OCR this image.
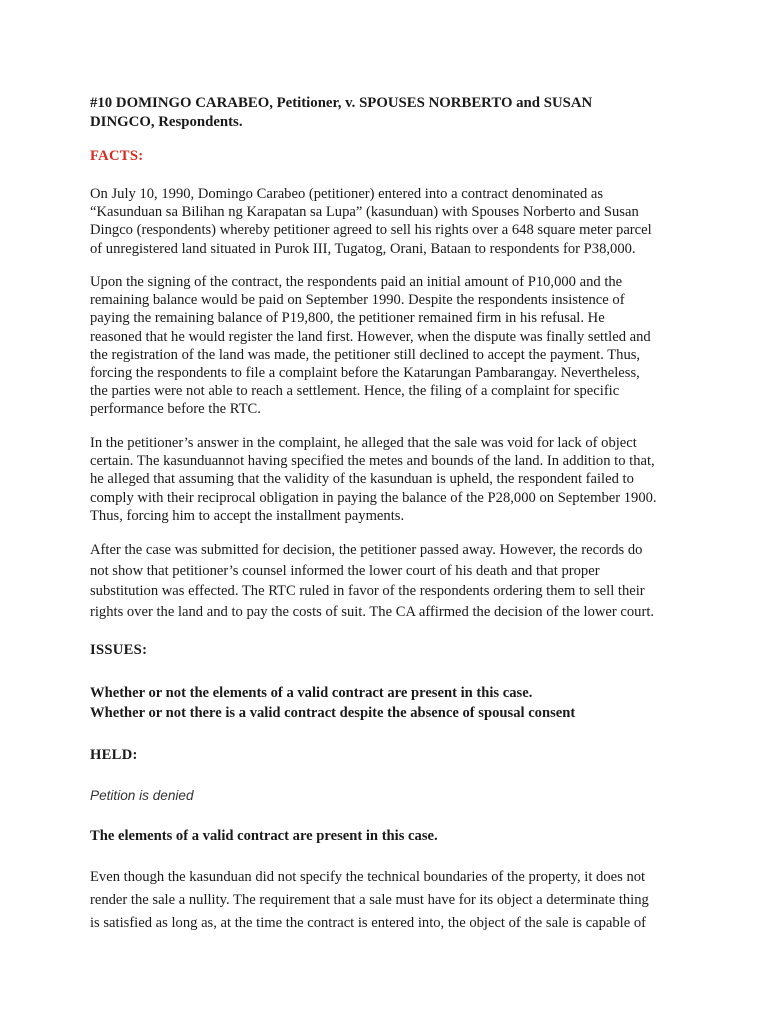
#10 DOMINGO CARABEO, Petitioner, v. SPOUSES NORBERTO and SUSAN
DINGCO, Respondents.
FACTS:
On July 10, 1990, Domingo Carabeo (petitioner) entered into a contract denominated as
“Kasunduan sa Bilihan ng Karapatan sa Lupa” (kasunduan) with Spouses Norberto and Susan
Dingco (respondents) whereby petitioner agreed to sell his rights over a 648 square meter parcel
of unregistered land situated in Purok III, Tugatog, Orani, Bataan to respondents for P38,000.
Upon the signing of the contract, the respondents paid an initial amount of P10,000 and the
remaining balance would be paid on September 1990. Despite the respondents insistence of
paying the remaining balance of P19,800, the petitioner remained firm in his refusal. He
reasoned that he would register the land first. However, when the dispute was finally settled and
the registration of the land was made, the petitioner still declined to accept the payment. Thus,
forcing the respondents to file a complaint before the Katarungan Pambarangay. Nevertheless,
the parties were not able to reach a settlement. Hence, the filing of a complaint for specific
performance before the RTC.
In the petitioner’s answer in the complaint, he alleged that the sale was void for lack of object
certain. The kasunduannot having specified the metes and bounds of the land. In addition to that,
he alleged that assuming that the validity of the kasunduan is upheld, the respondent failed to
comply with their reciprocal obligation in paying the balance of the P28,000 on September 1900.
Thus, forcing him to accept the installment payments.
After the case was submitted for decision, the petitioner passed away. However, the records do
not show that petitioner’s counsel informed the lower court of his death and that proper
substitution was effected. The RTC ruled in favor of the respondents ordering them to sell their
rights over the land and to pay the costs of suit. The CA affirmed the decision of the lower court.
ISSUES:
Whether or not the elements of a valid contract are present in this case.
Whether or not there is a valid contract despite the absence of spousal consent
HELD:
Petition is denied
The elements of a valid contract are present in this case.
Even though the kasunduan did not specify the technical boundaries of the property, it does not
render the sale a nullity. The requirement that a sale must have for its object a determinate thing
is satisfied as long as, at the time the contract is entered into, the object of the sale is capable of
